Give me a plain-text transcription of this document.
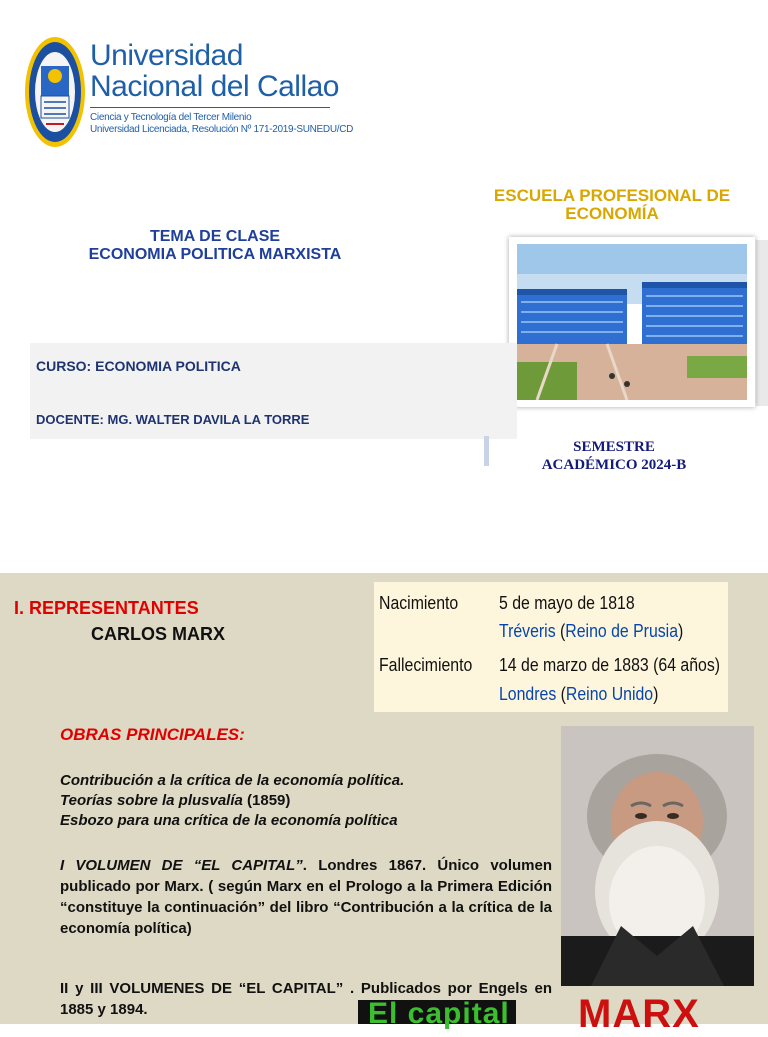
Universidad
Nacional del Callao
Ciencia y Tecnología del Tercer Milenio
Universidad Licenciada, Resolución Nº 171-2019-SUNEDU/CD
ESCUELA PROFESIONAL DE
ECONOMÍA
TEMA DE CLASE
ECONOMIA POLITICA MARXISTA
CURSO: ECONOMIA POLITICA
DOCENTE: MG. WALTER DAVILA LA TORRE
SEMESTRE
ACADÉMICO 2024-B
I. REPRESENTANTES
CARLOS MARX
Nacimiento 5 de mayo de 1818
Tréveris (Reino de Prusia)
Fallecimiento 14 de marzo de 1883 (64 años)
Londres (Reino Unido)
OBRAS PRINCIPALES:
Contribución a la crítica de la economía política.
Teorías sobre la plusvalía (1859)
Esbozo para una crítica de la economía política
I VOLUMEN DE “EL CAPITAL”. Londres 1867. Único volumen publicado por Marx. ( según Marx en el Prologo a la Primera Edición “constituye la continuación” del libro “Contribución a la crítica de la economía política)
II y III VOLUMENES DE “EL CAPITAL” . Publicados por Engels en 1885 y 1894.	El capital MARX
